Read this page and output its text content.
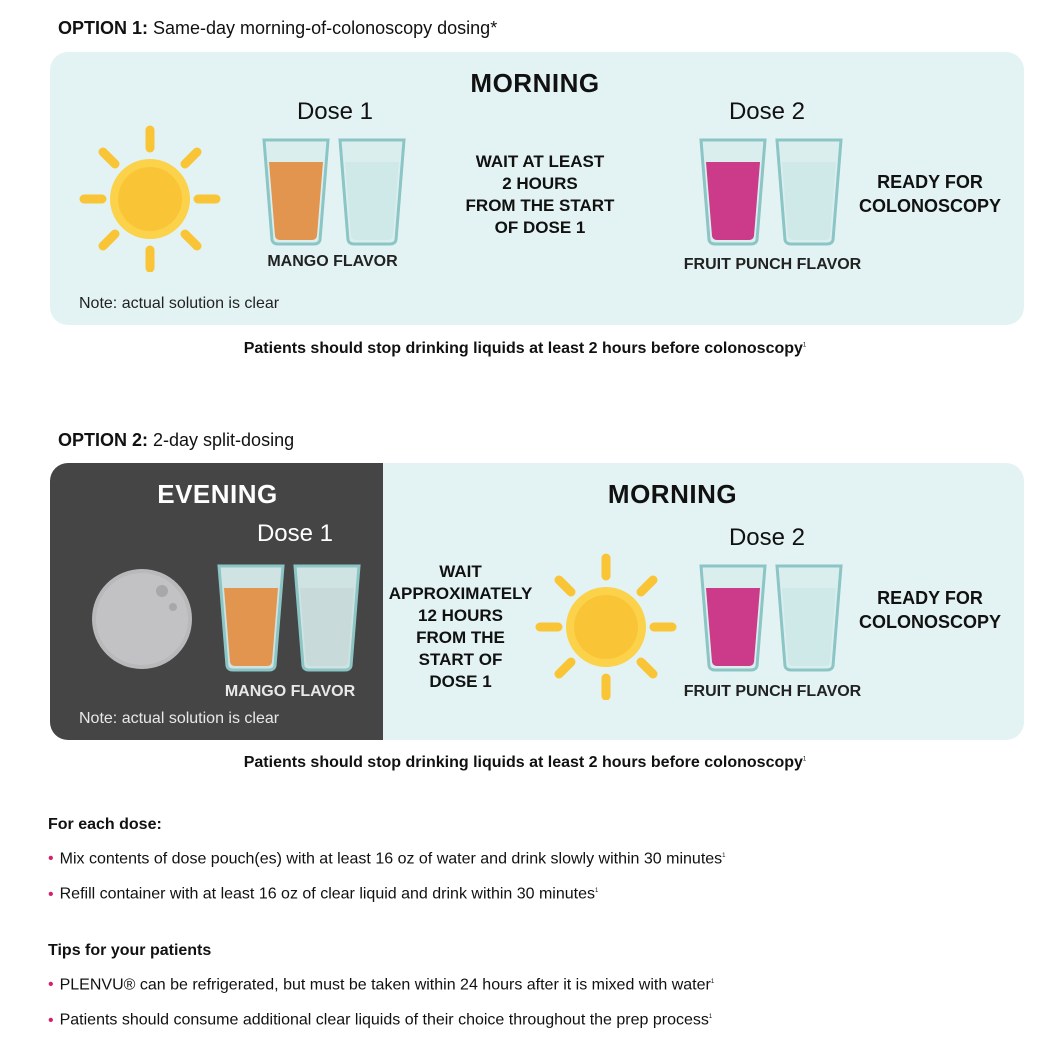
OPTION 1: Same-day morning-of-colonoscopy dosing*
MORNING
Dose 1
MANGO FLAVOR
WAIT AT LEAST
2 HOURS
FROM THE START
OF DOSE 1
Dose 2
FRUIT PUNCH FLAVOR
READY FOR
COLONOSCOPY
Note: actual solution is clear
Patients should stop drinking liquids at least 2 hours before colonoscopy$^1$
OPTION 2: 2-day split-dosing
EVENING
Dose 1
MANGO FLAVOR
Note: actual solution is clear
MORNING
WAIT
APPROXIMATELY
12 HOURS
FROM THE
START OF
DOSE 1
Dose 2
FRUIT PUNCH FLAVOR
READY FOR
COLONOSCOPY
Patients should stop drinking liquids at least 2 hours before colonoscopy$^1$
For each dose:
• Mix contents of dose pouch(es) with at least 16 oz of water and drink slowly within 30 minutes$^1$
• Refill container with at least 16 oz of clear liquid and drink within 30 minutes$^1$
Tips for your patients
• PLENVU® can be refrigerated, but must be taken within 24 hours after it is mixed with water$^1$
• Patients should consume additional clear liquids of their choice throughout the prep process$^1$
